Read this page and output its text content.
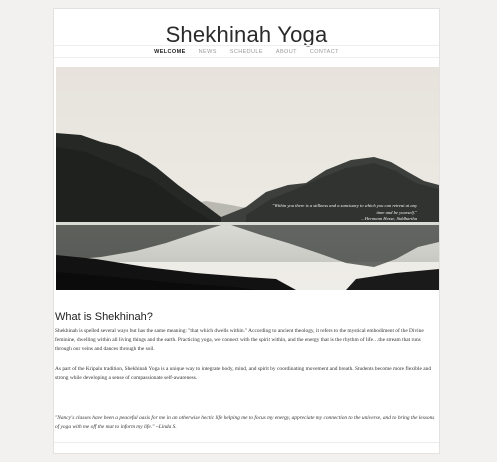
Shekhinah Yoga
WELCOME NEWS SCHEDULE ABOUT CONTACT
"Within you there is a stillness and a sanctuary to which you can retreat at any time and be yourself."
– Hermann Hesse, Siddhartha
What is Shekhinah?

Shekhinah is spelled several ways but has the same meaning: "that which dwells within." According to ancient theology, it refers to the mystical embodiment of the Divine feminine, dwelling within all living things and the earth. Practicing yoga, we connect with the spirit within, and the energy that is the rhythm of life…the stream that runs through our veins and dances through the soil.

As part of the Kripalu tradition, Shekhinah Yoga is a unique way to integrate body, mind, and spirit by coordinating movement and breath. Students become more flexible and strong while developing a sense of compassionate self-awareness.

"Nancy's classes have been a peaceful oasis for me in an otherwise hectic life helping me to focus my energy, appreciate my connection to the universe, and to bring the lessons of yoga with me off the mat to inform my life." ~Linda S.
